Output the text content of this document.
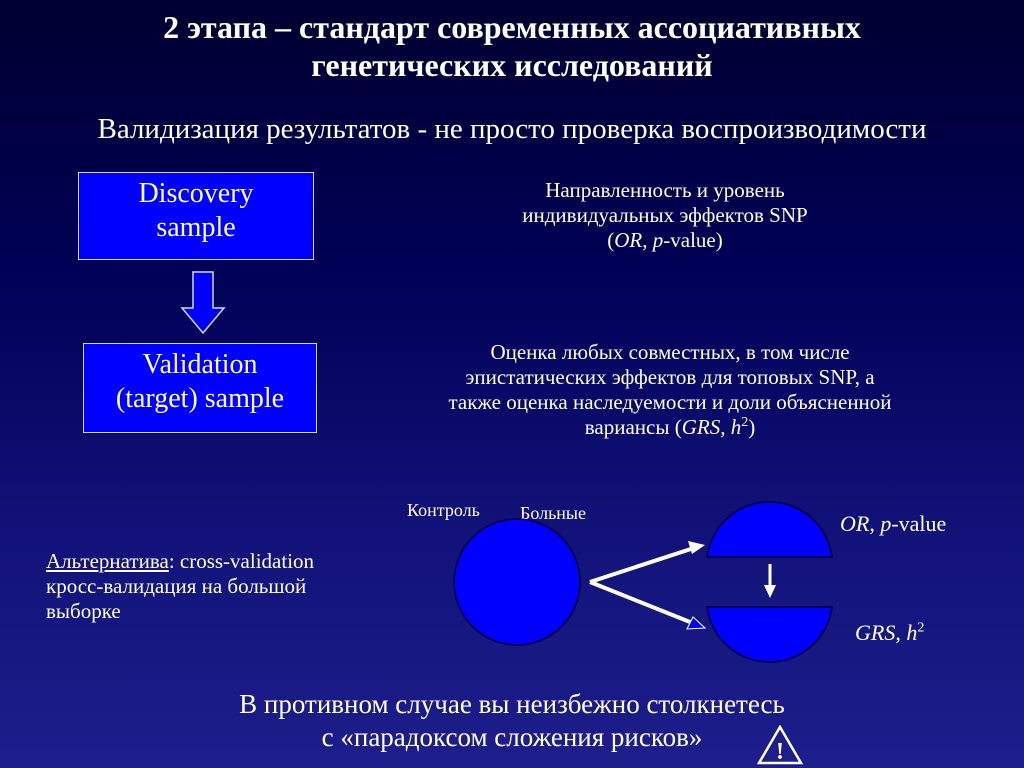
2 этапа – стандарт современных ассоциативных
генетических исследований
Валидизация результатов - не просто проверка воспроизводимости
Discovery
sample
Validation
(target) sample
Направленность и уровень
индивидуальных эффектов SNP
(OR, p-value)
Оценка любых совместных, в том числе
эпистатических эффектов для топовых SNP, а
также оценка наследуемости и доли объясненной
вариансы (GRS, $h^2$)
Альтернатива: cross-validation
кросс-валидация на большой
выборке
Контроль Больные	OR, p-value
GRS, $h^2$
В противном случае вы неизбежно столкнетесь
с «парадоксом сложения рисков»	!
